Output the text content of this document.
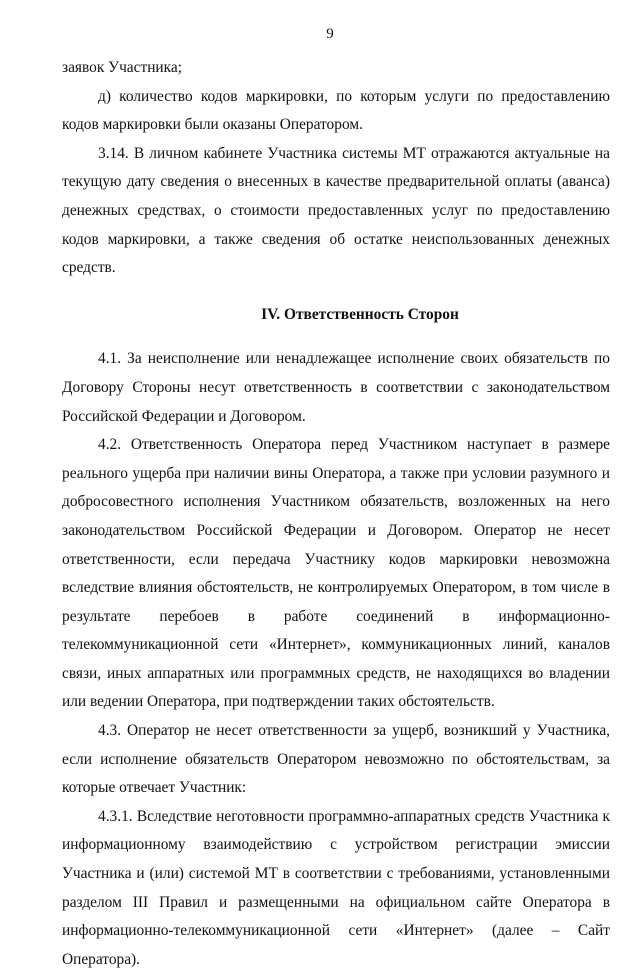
9

заявок Участника;

д) количество кодов маркировки, по которым услуги по предоставлению кодов маркировки были оказаны Оператором.

3.14. В личном кабинете Участника системы МТ отражаются актуальные на текущую дату сведения о внесенных в качестве предварительной оплаты (аванса) денежных средствах, о стоимости предоставленных услуг по предоставлению кодов маркировки, а также сведения об остатке неиспользованных денежных средств.

IV. Ответственность Сторон

4.1. За неисполнение или ненадлежащее исполнение своих обязательств по Договору Стороны несут ответственность в соответствии с законодательством Российской Федерации и Договором.

4.2. Ответственность Оператора перед Участником наступает в размере реального ущерба при наличии вины Оператора, а также при условии разумного и добросовестного исполнения Участником обязательств, возложенных на него законодательством Российской Федерации и Договором. Оператор не несет ответственности, если передача Участнику кодов маркировки невозможна вследствие влияния обстоятельств, не контролируемых Оператором, в том числе в результате перебоев в работе соединений в информационно-телекоммуникационной сети «Интернет», коммуникационных линий, каналов связи, иных аппаратных или программных средств, не находящихся во владении или ведении Оператора, при подтверждении таких обстоятельств.

4.3. Оператор не несет ответственности за ущерб, возникший у Участника, если исполнение обязательств Оператором невозможно по обстоятельствам, за которые отвечает Участник:

4.3.1. Вследствие неготовности программно-аппаратных средств Участника к информационному взаимодействию с устройством регистрации эмиссии Участника и (или) системой МТ в соответствии с требованиями, установленными разделом III Правил и размещенными на официальном сайте Оператора в информационно-телекоммуникационной сети «Интернет» (далее – Сайт Оператора).
